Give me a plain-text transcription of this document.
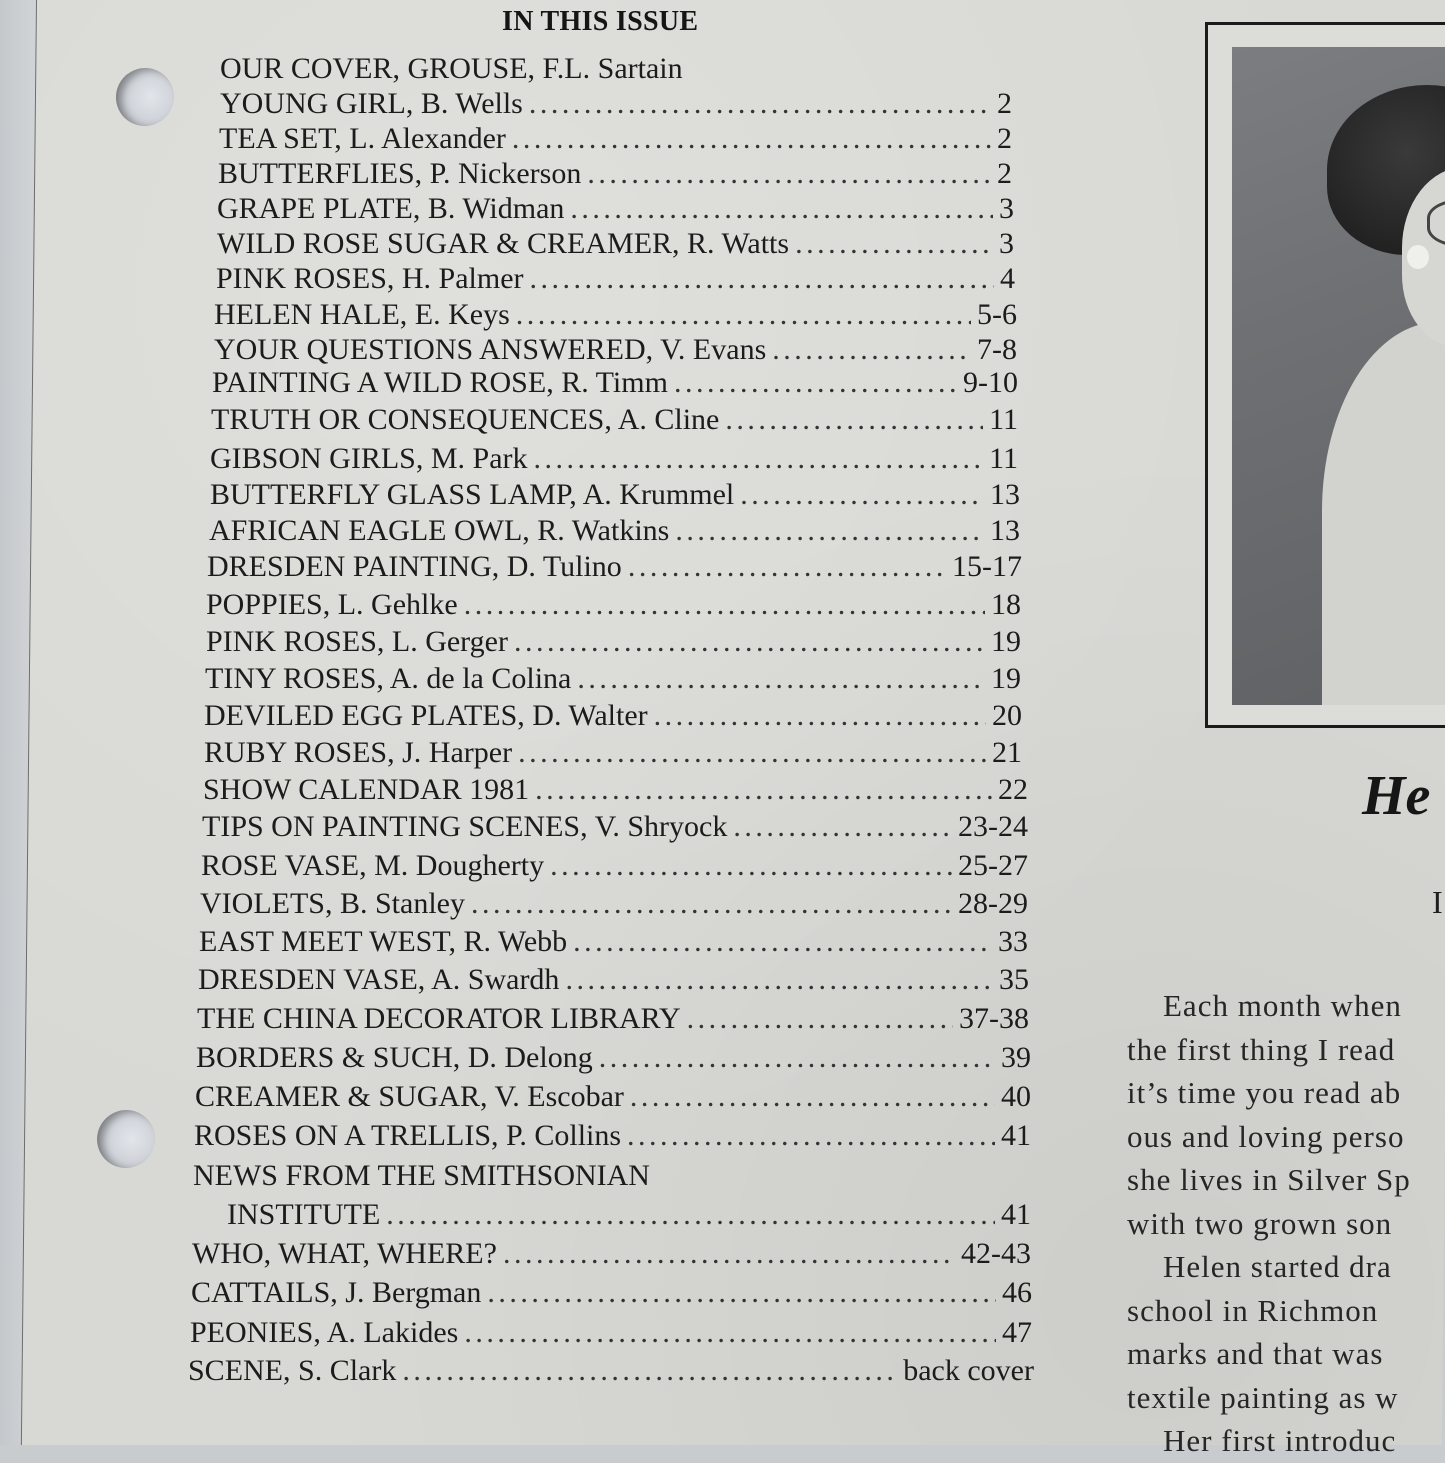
IN THIS ISSUE
OUR COVER, GROUSE, F.L. Sartain
YOUNG GIRL, B. Wells . . .	2
TEA SET, L. Alexander . . .	2
BUTTERFLIES, P. Nickerson . . .	2
GRAPE PLATE, B. Widman . . .	3
WILD ROSE SUGAR & CREAMER, R. Watts . . .	3
PINK ROSES, H. Palmer . . .	4
HELEN HALE, E. Keys . . .	5-6
YOUR QUESTIONS ANSWERED, V. Evans . . .	7-8
PAINTING A WILD ROSE, R. Timm . . .	9-10
TRUTH OR CONSEQUENCES, A. Cline . . .	11
GIBSON GIRLS, M. Park . . .	11
BUTTERFLY GLASS LAMP, A. Krummel . . .	13
AFRICAN EAGLE OWL, R. Watkins . . .	13
DRESDEN PAINTING, D. Tulino . . .	15-17
POPPIES, L. Gehlke . . .	18
PINK ROSES, L. Gerger . . .	19
TINY ROSES, A. de la Colina . . .	19
DEVILED EGG PLATES, D. Walter . . .	20
RUBY ROSES, J. Harper . . .	21
SHOW CALENDAR 1981 . . .	22
TIPS ON PAINTING SCENES, V. Shryock . . .	23-24
ROSE VASE, M. Dougherty . . .	25-27
VIOLETS, B. Stanley . . .	28-29
EAST MEET WEST, R. Webb . . .	33
DRESDEN VASE, A. Swardh . . .	35
THE CHINA DECORATOR LIBRARY . . .	37-38
BORDERS & SUCH, D. Delong . . .	39
CREAMER & SUGAR, V. Escobar . . .	40
ROSES ON A TRELLIS, P. Collins . . .	41
NEWS FROM THE SMITHSONIAN
INSTITUTE . . .	41
WHO, WHAT, WHERE? . . .	42-43
CATTAILS, J. Bergman . . .	46
PEONIES, A. Lakides . . .	47
SCENE, S. Clark . . .	back cover
He
I
Each month when
the first thing I read
it’s time you read ab
ous and loving perso
she lives in Silver Sp
with two grown son
Helen started dra
school in Richmon
marks and that was
textile painting as w
Her first introduc
